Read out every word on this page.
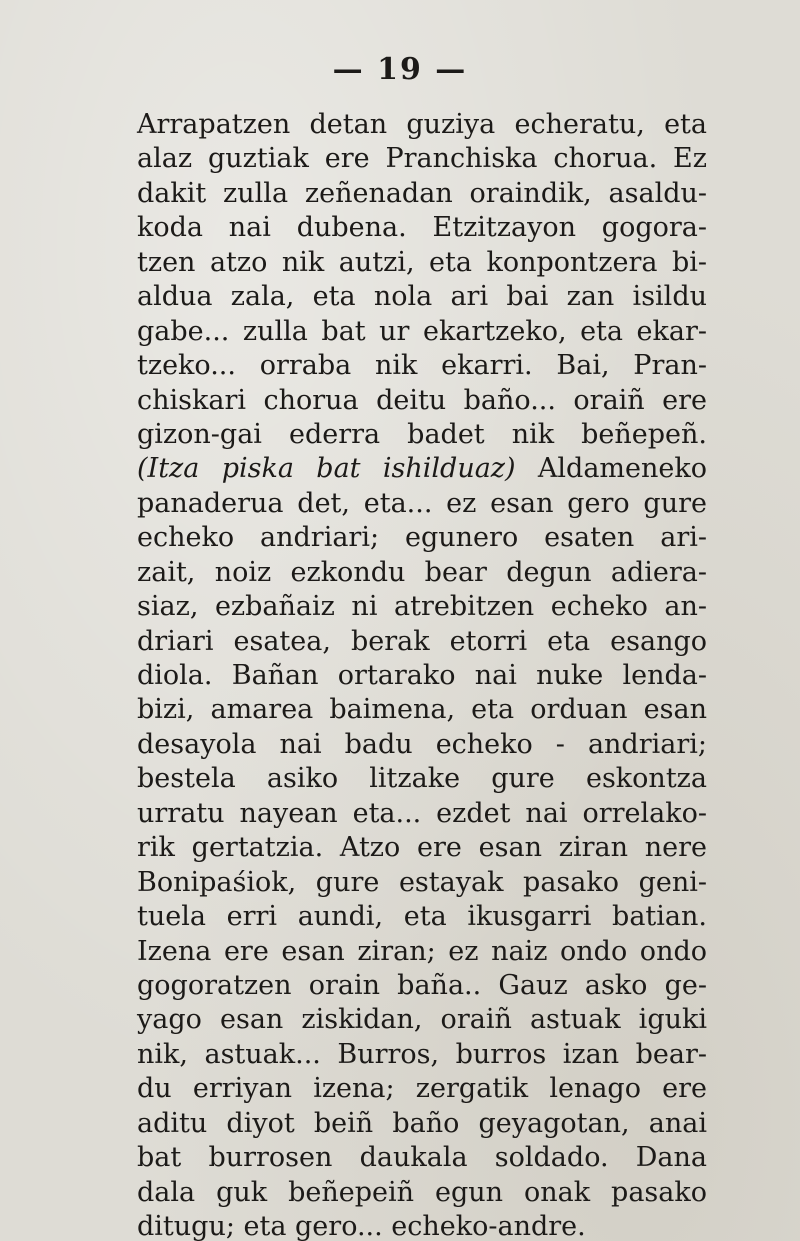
— 19 —
Arrapatzen detan guziya echeratu, eta
alaz guztiak ere Pranchiska chorua. Ez
dakit zulla zeñenadan oraindik, asaldu-
koda nai dubena. Etzitzayon gogora-
tzen atzo nik autzi, eta konpontzera bi-
aldua zala, eta nola ari bai zan isildu
gabe... zulla bat ur ekartzeko, eta ekar-
tzeko... orraba nik ekarri. Bai, Pran-
chiskari chorua deitu baño... oraiñ ere
gizon-gai ederra badet nik beñepeñ.
(Itza piska bat ishilduaz) Aldameneko
panaderua det, eta... ez esan gero gure
echeko andriari; egunero esaten ari-
zait, noiz ezkondu bear degun adiera-
siaz, ezbañaiz ni atrebitzen echeko an-
driari esatea, berak etorri eta esango
diola. Bañan ortarako nai nuke lenda-
bizi, amarea baimena, eta orduan esan
desayola nai badu echeko - andriari;
bestela asiko litzake gure eskontza
urratu nayean eta... ezdet nai orrelako-
rik gertatzia. Atzo ere esan ziran nere
Bonipaśiok, gure estayak pasako geni-
tuela erri aundi, eta ikusgarri batian.
Izena ere esan ziran; ez naiz ondo ondo
gogoratzen orain baña.. Gauz asko ge-
yago esan ziskidan, oraiñ astuak iguki
nik, astuak... Burros, burros izan bear-
du erriyan izena; zergatik lenago ere
aditu diyot beiñ baño geyagotan, anai
bat burrosen daukala soldado. Dana
dala guk beñepeiñ egun onak pasako
ditugu; eta gero... echeko-andre.
